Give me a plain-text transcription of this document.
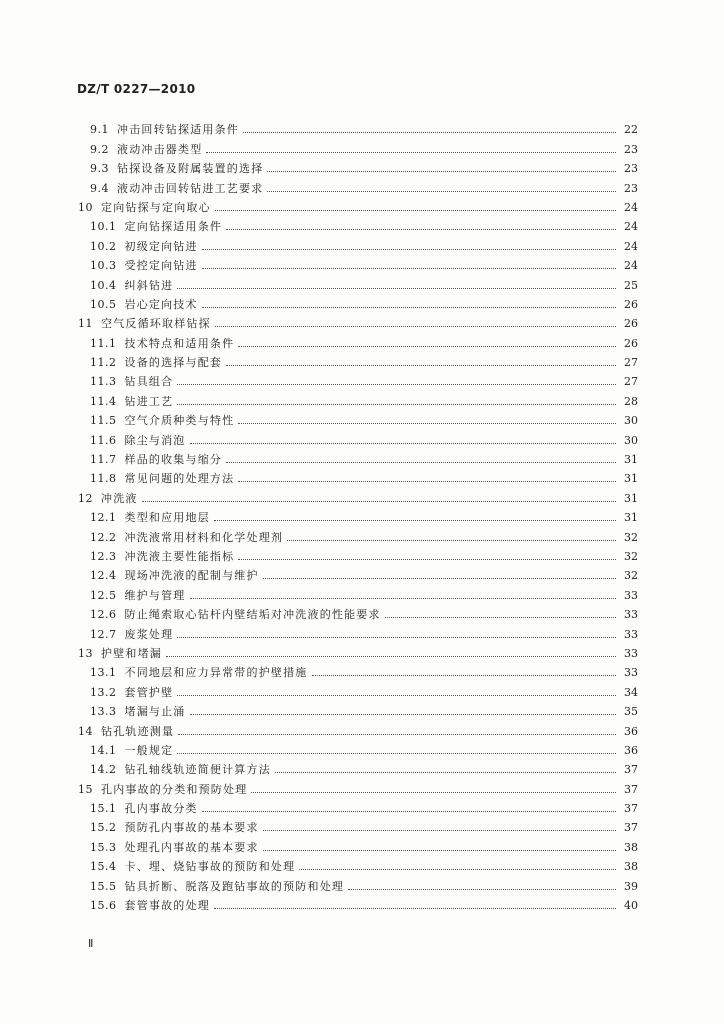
DZ/T 0227—2010
9.1 冲击回转钻探适用条件	22
9.2 液动冲击器类型	23
9.3 钻探设备及附属装置的选择	23
9.4 液动冲击回转钻进工艺要求	23
10 定向钻探与定向取心	24
10.1 定向钻探适用条件	24
10.2 初级定向钻进	24
10.3 受控定向钻进	24
10.4 纠斜钻进	25
10.5 岩心定向技术	26
11 空气反循环取样钻探	26
11.1 技术特点和适用条件	26
11.2 设备的选择与配套	27
11.3 钻具组合	27
11.4 钻进工艺	28
11.5 空气介质种类与特性	30
11.6 除尘与消泡	30
11.7 样品的收集与缩分	31
11.8 常见问题的处理方法	31
12 冲洗液	31
12.1 类型和应用地层	31
12.2 冲洗液常用材料和化学处理剂	32
12.3 冲洗液主要性能指标	32
12.4 现场冲洗液的配制与维护	32
12.5 维护与管理	33
12.6 防止绳索取心钻杆内壁结垢对冲洗液的性能要求	33
12.7 废浆处理	33
13 护壁和堵漏	33
13.1 不同地层和应力异常带的护壁措施	33
13.2 套管护壁	34
13.3 堵漏与止涌	35
14 钻孔轨迹测量	36
14.1 一般规定	36
14.2 钻孔轴线轨迹简便计算方法	37
15 孔内事故的分类和预防处理	37
15.1 孔内事故分类	37
15.2 预防孔内事故的基本要求	37
15.3 处理孔内事故的基本要求	38
15.4 卡、埋、烧钻事故的预防和处理	38
15.5 钻具折断、脱落及跑钻事故的预防和处理	39
15.6 套管事故的处理	40
Ⅱ
